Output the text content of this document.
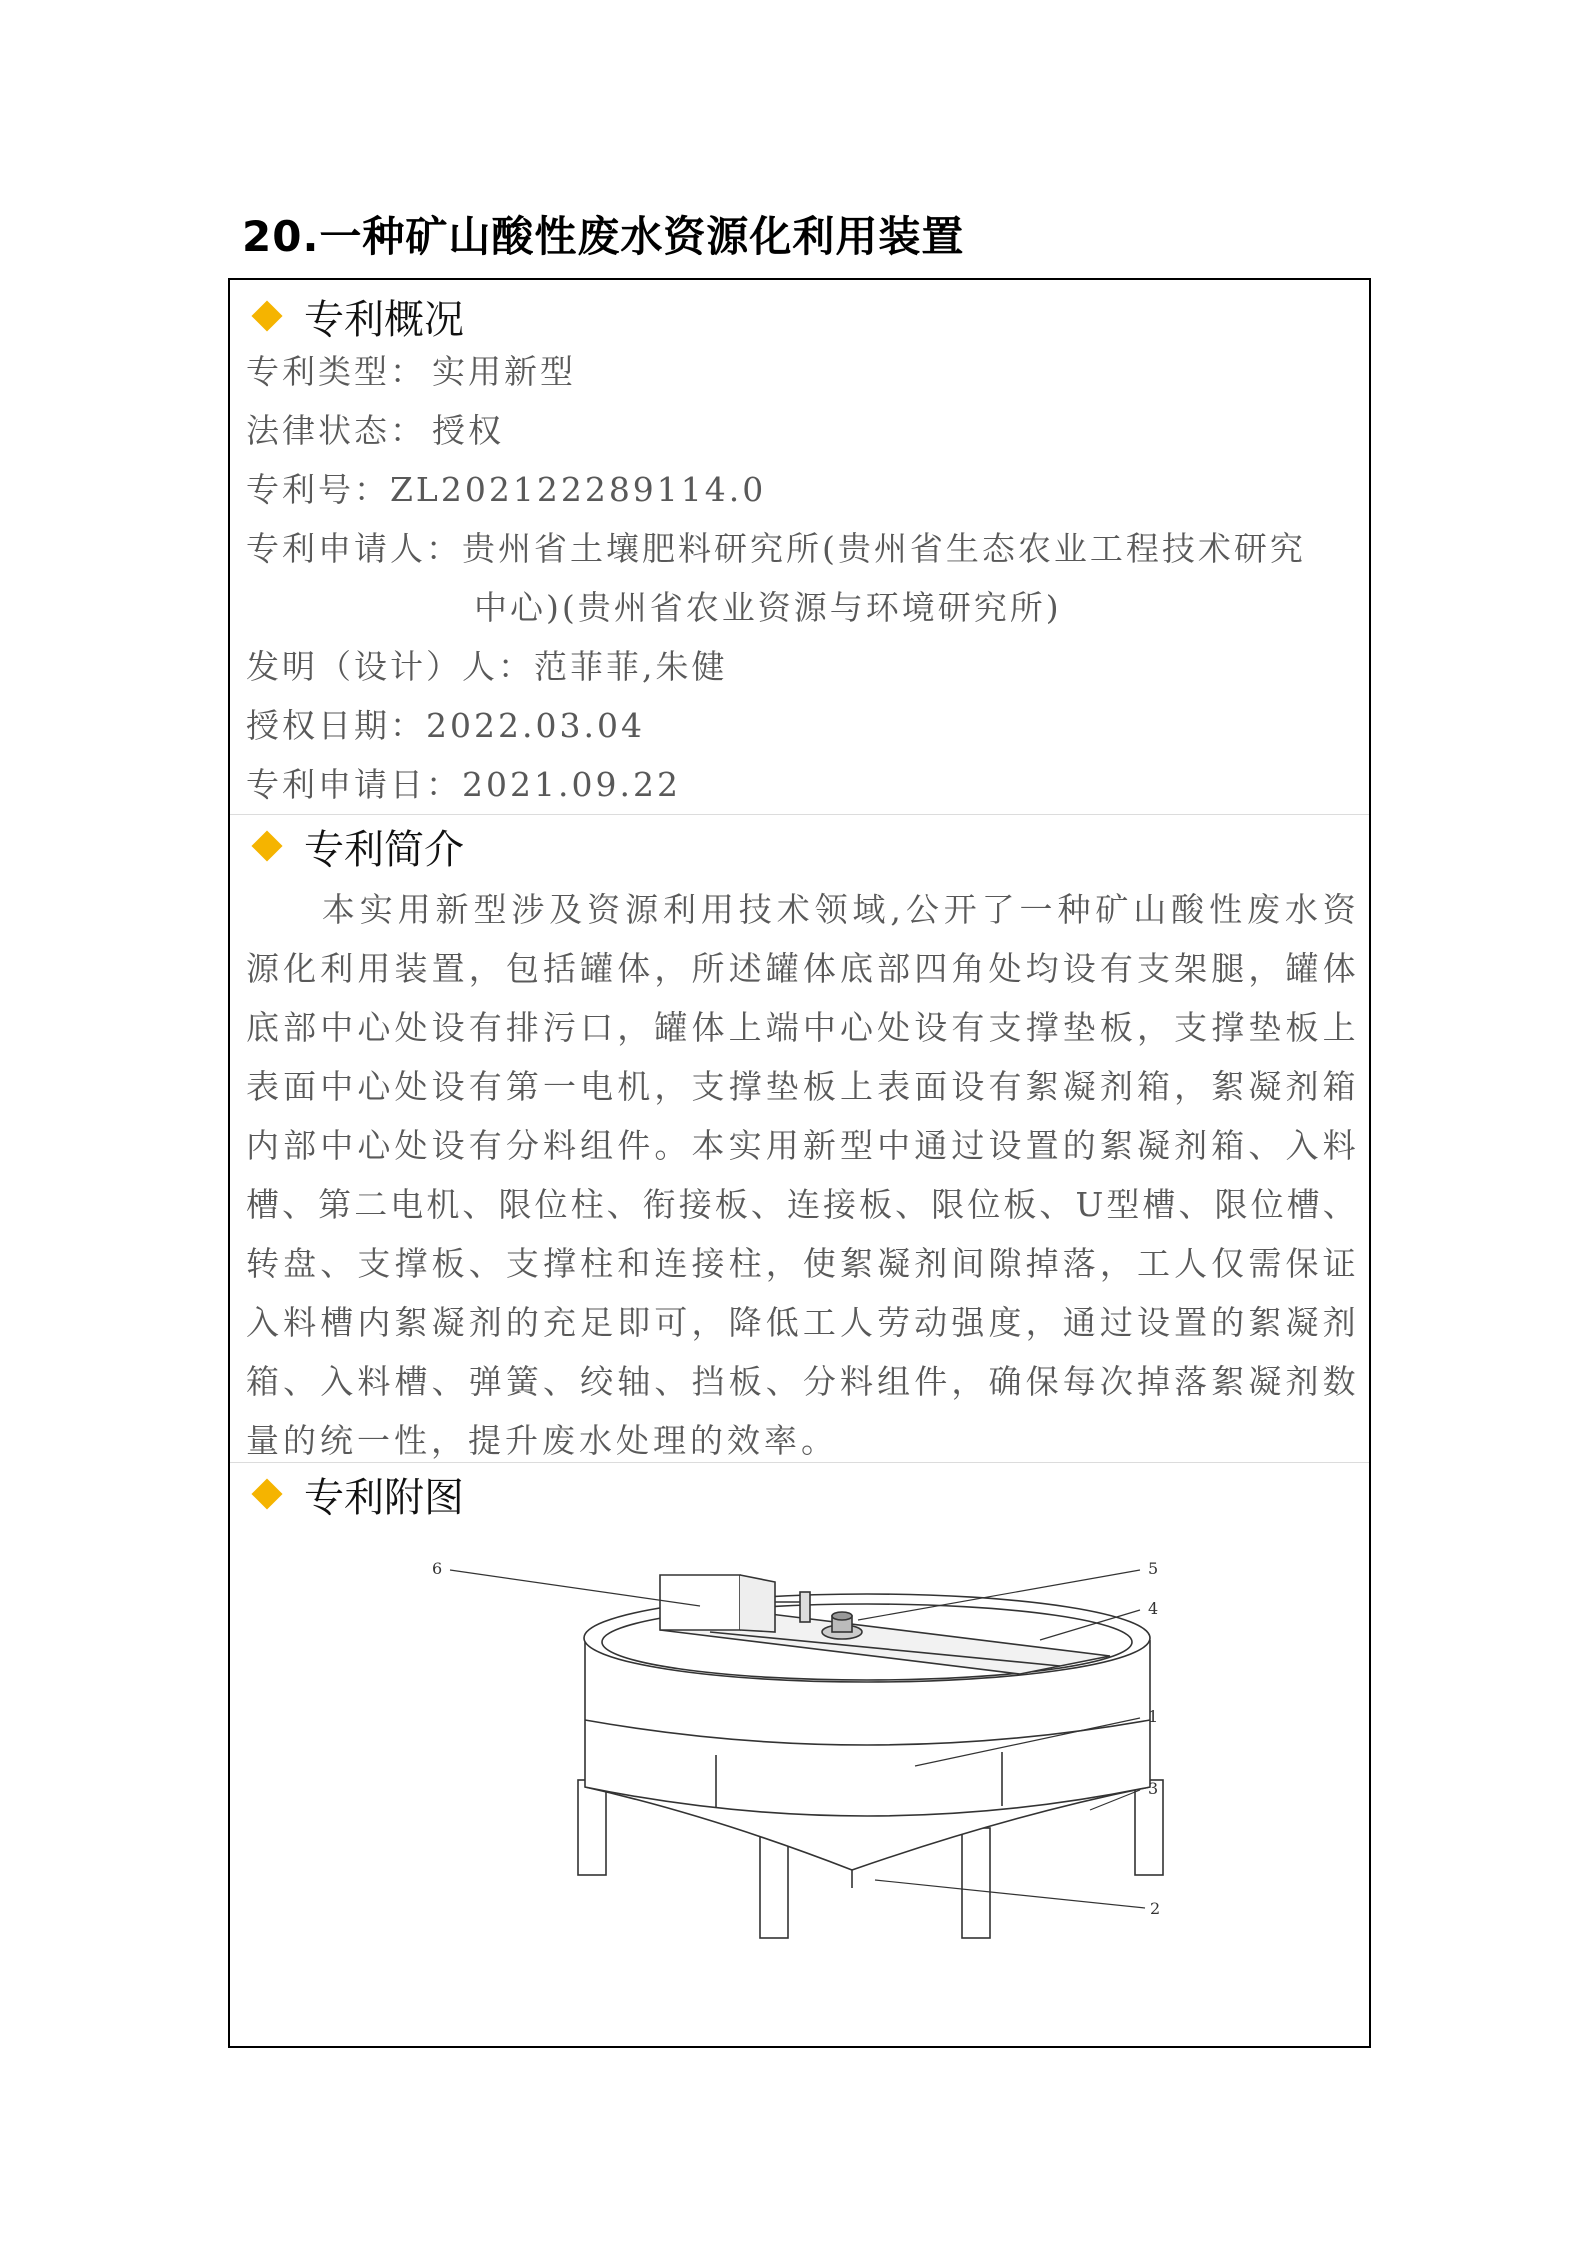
20.一种矿山酸性废水资源化利用装置
专利概况
专利类型： 实用新型
法律状态： 授权
专利号：ZL202122289114.0
专利申请人：贵州省土壤肥料研究所(贵州省生态农业工程技术研究
中心)(贵州省农业资源与环境研究所)
发明（设计）人：范菲菲,朱健
授权日期：2022.03.04
专利申请日：2021.09.22
专利简介

本 实 用 新 型 涉 及 资 源 利 用 技 术 领 域 , 公 开 了 一 种 矿 山 酸 性 废 水 资
源 化 利 用 装 置 ， 包 括 罐 体 ， 所 述 罐 体 底 部 四 角 处 均 设 有 支 架 腿 ， 罐 体
底 部 中 心 处 设 有 排 污 口 ， 罐 体 上 端 中 心 处 设 有 支 撑 垫 板 ， 支 撑 垫 板 上
表 面 中 心 处 设 有 第 一 电 机 ， 支 撑 垫 板 上 表 面 设 有 絮 凝 剂 箱 ， 絮 凝 剂 箱
内 部 中 心 处 设 有 分 料 组 件 。 本 实 用 新 型 中 通 过 设 置 的 絮 凝 剂 箱 、 入 料
槽 、 第 二 电 机 、 限 位 柱 、 衔 接 板 、 连 接 板 、 限 位 板 、 U 型 槽 、 限 位 槽 、
转 盘 、 支 撑 板 、 支 撑 柱 和 连 接 柱 ， 使 絮 凝 剂 间 隙 掉 落 ， 工 人 仅 需 保 证
入 料 槽 内 絮 凝 剂 的 充 足 即 可 ， 降 低 工 人 劳 动 强 度 ， 通 过 设 置 的 絮 凝 剂
箱 、 入 料 槽 、 弹 簧 、 绞 轴 、 挡 板 、 分 料 组 件 ， 确 保 每 次 掉 落 絮 凝 剂 数
量的统一性，提升废水处理的效率。
专利附图
6	5
4
1
3
2
